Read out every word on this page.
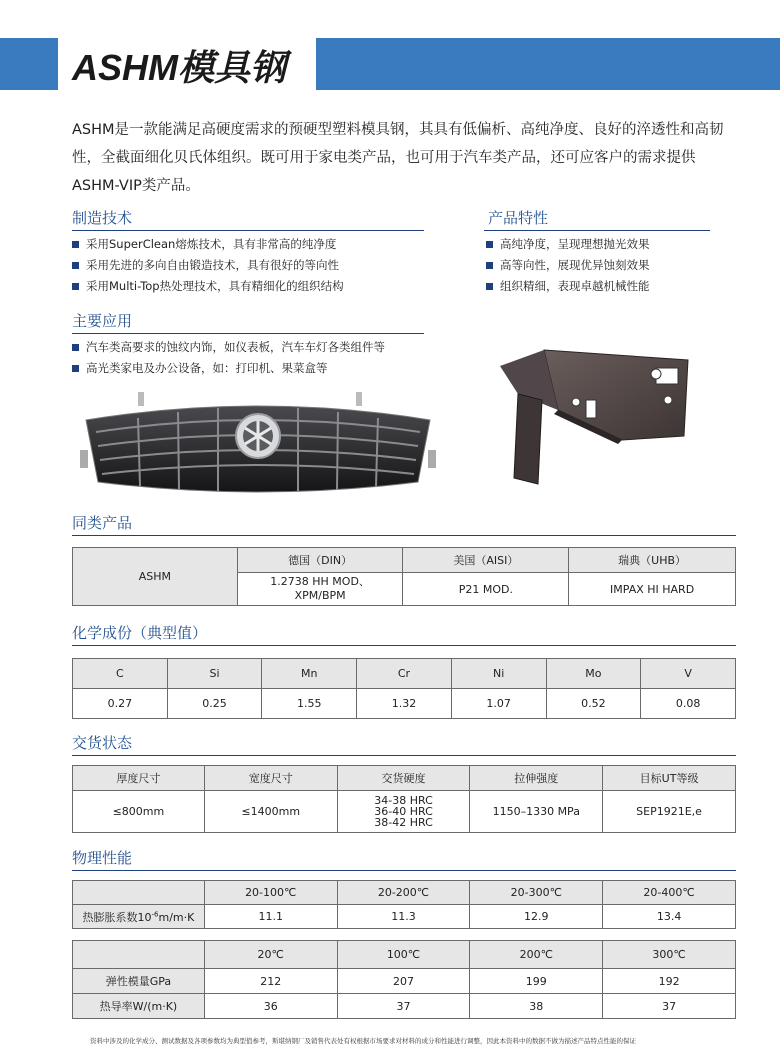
ASHM模具钢
ASHM是一款能满足高硬度需求的预硬型塑料模具钢，其具有低偏析、高纯净度、良好的淬透性和高韧性，全截面细化贝氏体组织。既可用于家电类产品，也可用于汽车类产品，还可应客户的需求提供ASHM-VIP类产品。
制造技术
采用SuperClean熔炼技术，具有非常高的纯净度
采用先进的多向自由锻造技术，具有很好的等向性
采用Multi-Top热处理技术，具有精细化的组织结构
产品特性
高纯净度，呈现理想抛光效果
高等向性，展现优异蚀刻效果
组织精细，表现卓越机械性能
主要应用
汽车类高要求的蚀纹内饰，如仪表板，汽车车灯各类组件等
高光类家电及办公设备，如：打印机、果菜盒等
同类产品
ASHM	德国（DIN）	美国（AISI）	瑞典（UHB）
	1.2738 HH MOD、
XPM/BPM	P21 MOD.	IMPAX HI HARD
化学成份（典型值）
C	Si	Mn	Cr	Ni	Mo	V
0.27	0.25	1.55	1.32	1.07	0.52	0.08
交货状态
厚度尺寸	宽度尺寸	交货硬度	拉伸强度	目标UT等级
≤800mm	≤1400mm	34-38 HRC
36-40 HRC
38-42 HRC	1150–1330 MPa	SEP1921E,e
物理性能
	20-100℃	20-200℃	20-300℃	20-400℃
热膨胀系数$10^{-6}m/m\cdot K$	11.1	11.3	12.9	13.4
	20℃	100℃	200℃	300℃
弹性模量GPa	212	207	199	192
热导率W/(m·K)	36	37	38	37
资料中涉及的化学成分、测试数据及各项参数均为典型值参考，斯堪纳钢厂及销售代表处有权根据市场要求对材料的成分和性能进行调整，因此本资料中的数据不做为描述产品特点性能的保证
